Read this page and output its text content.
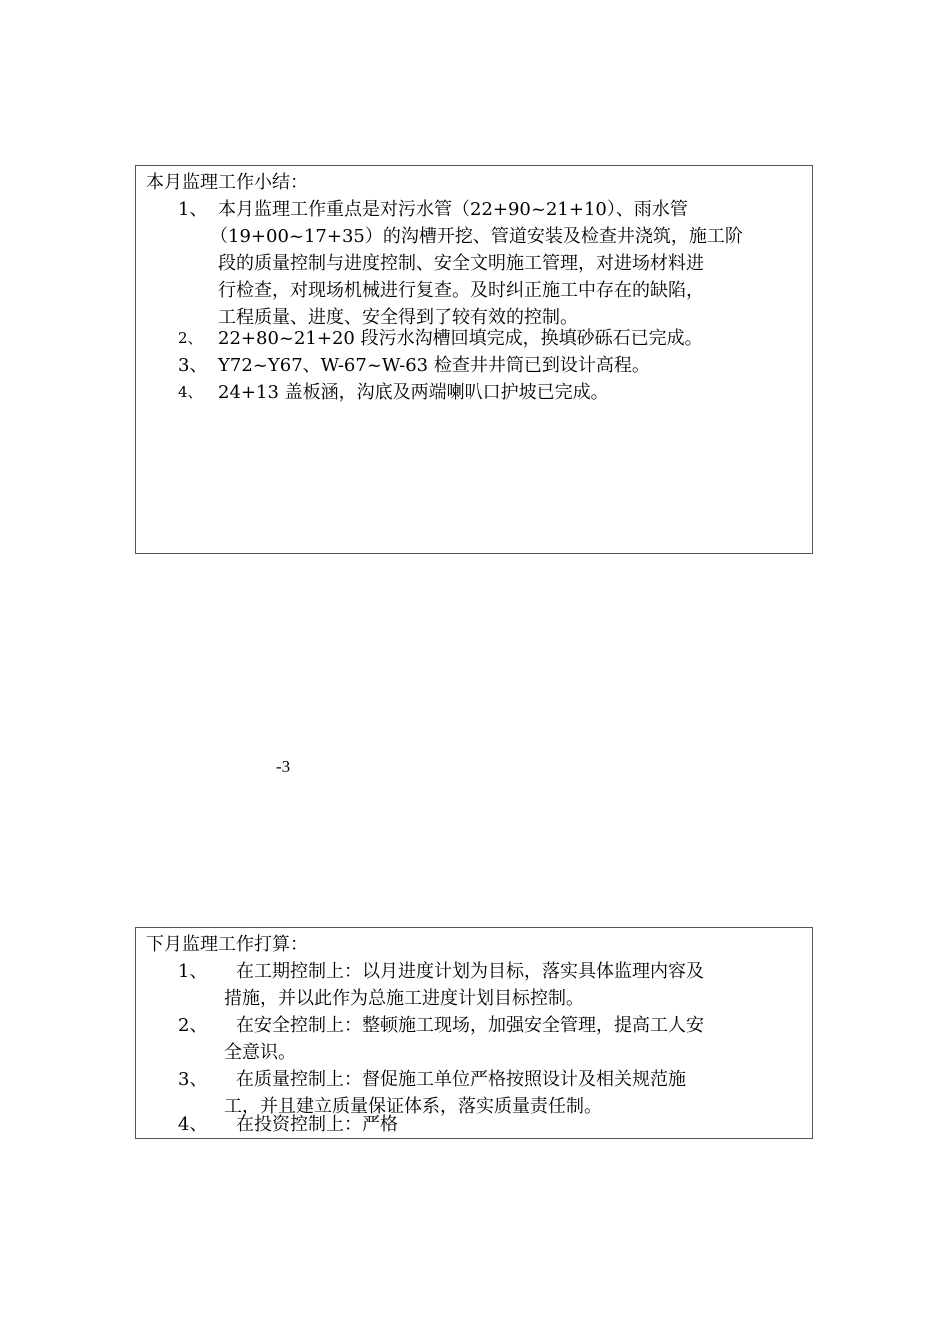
本月监理工作小结：
1、 本月监理工作重点是对污水管（22+90~21+10）、雨水管
（19+00~17+35）的沟槽开挖、管道安装及检查井浇筑，施工阶
段的质量控制与进度控制、安全文明施工管理，对进场材料进
行检查，对现场机械进行复查。及时纠正施工中存在的缺陷，
工程质量、进度、安全得到了较有效的控制。
2、 22+80~21+20 段污水沟槽回填完成，换填砂砾石已完成。
3、 Y72~Y67、W-67~W-63 检查井井筒已到设计高程。
4、 24+13 盖板涵，沟底及两端喇叭口护坡已完成。
-3
下月监理工作打算：
1、 在工期控制上：以月进度计划为目标，落实具体监理内容及
措施，并以此作为总施工进度计划目标控制。
2、 在安全控制上：整顿施工现场，加强安全管理，提高工人安
全意识。
3、 在质量控制上：督促施工单位严格按照设计及相关规范施
工，并且建立质量保证体系，落实质量责任制。
4、 在投资控制上：严格
